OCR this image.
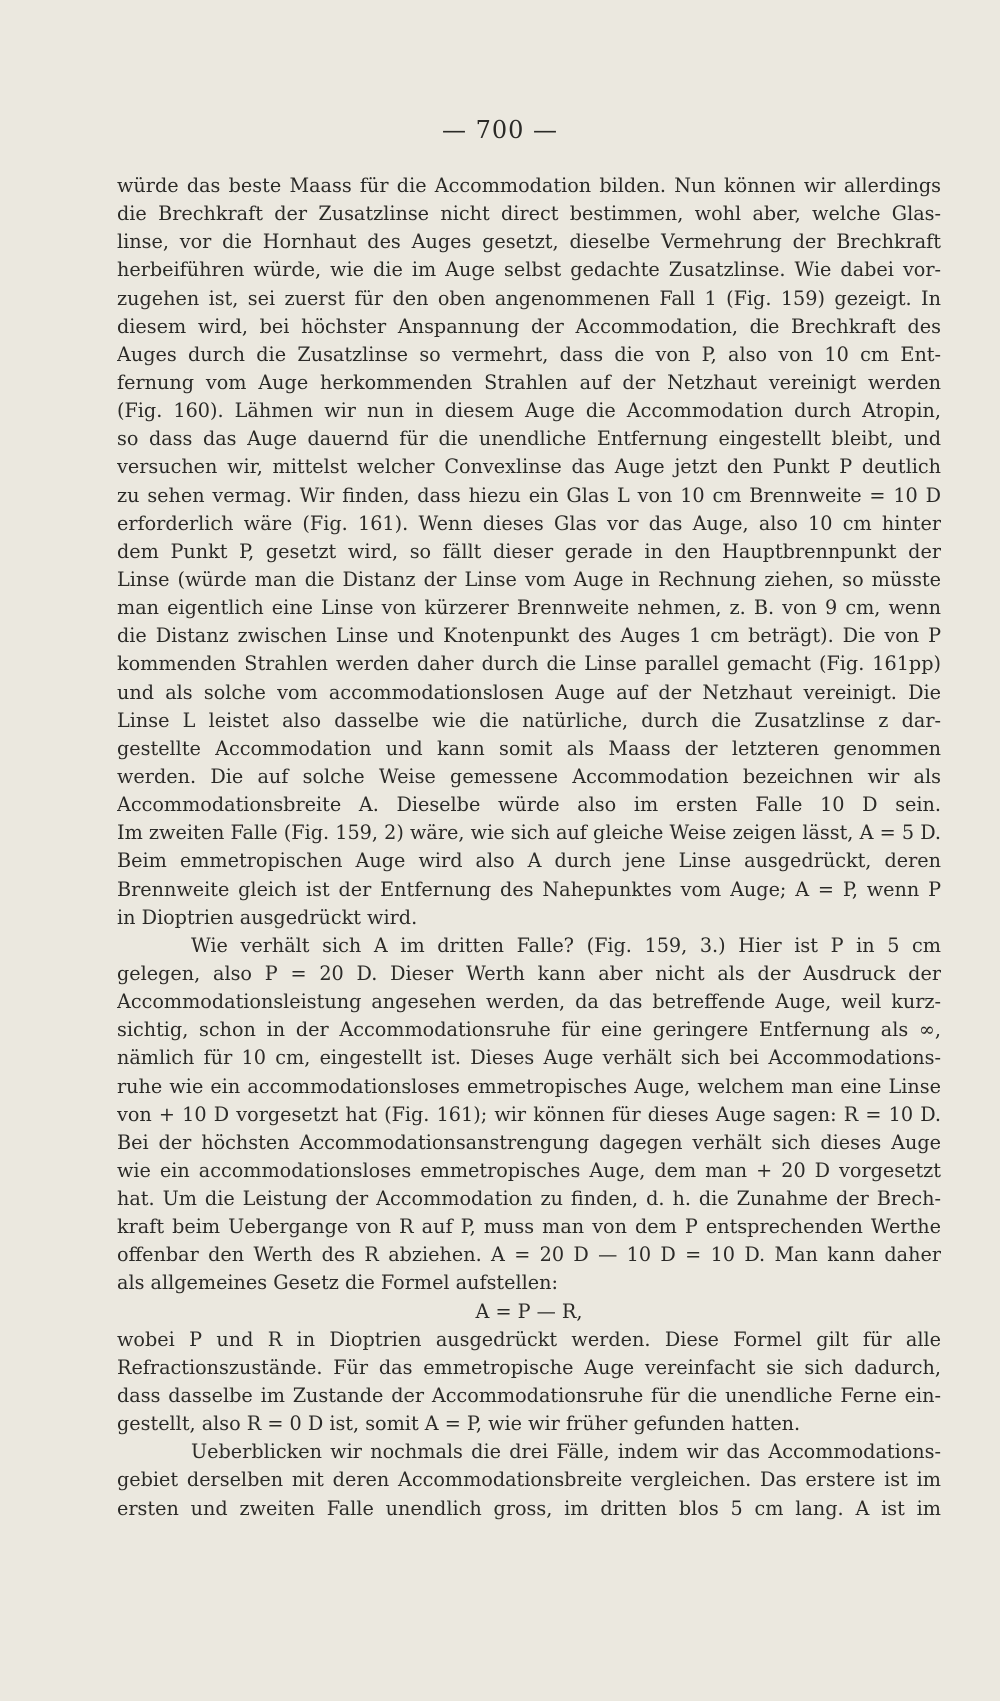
— 700 —
würde das beste Maass für die Accommodation bilden. Nun können wir allerdings
die Brechkraft der Zusatzlinse nicht direct bestimmen, wohl aber, welche Glas-
linse, vor die Hornhaut des Auges gesetzt, dieselbe Vermehrung der Brechkraft
herbeiführen würde, wie die im Auge selbst gedachte Zusatzlinse. Wie dabei vor-
zugehen ist, sei zuerst für den oben angenommenen Fall 1 (Fig. 159) gezeigt. In
diesem wird, bei höchster Anspannung der Accommodation, die Brechkraft des
Auges durch die Zusatzlinse so vermehrt, dass die von P, also von 10 cm Ent-
fernung vom Auge herkommenden Strahlen auf der Netzhaut vereinigt werden
(Fig. 160). Lähmen wir nun in diesem Auge die Accommodation durch Atropin,
so dass das Auge dauernd für die unendliche Entfernung eingestellt bleibt, und
versuchen wir, mittelst welcher Convexlinse das Auge jetzt den Punkt P deutlich
zu sehen vermag. Wir finden, dass hiezu ein Glas L von 10 cm Brennweite = 10 D
erforderlich wäre (Fig. 161). Wenn dieses Glas vor das Auge, also 10 cm hinter
dem Punkt P, gesetzt wird, so fällt dieser gerade in den Hauptbrennpunkt der
Linse (würde man die Distanz der Linse vom Auge in Rechnung ziehen, so müsste
man eigentlich eine Linse von kürzerer Brennweite nehmen, z. B. von 9 cm, wenn
die Distanz zwischen Linse und Knotenpunkt des Auges 1 cm beträgt). Die von P
kommenden Strahlen werden daher durch die Linse parallel gemacht (Fig. 161pp)
und als solche vom accommodationslosen Auge auf der Netzhaut vereinigt. Die
Linse L leistet also dasselbe wie die natürliche, durch die Zusatzlinse z dar-
gestellte Accommodation und kann somit als Maass der letzteren genommen
werden. Die auf solche Weise gemessene Accommodation bezeichnen wir als
Accommodationsbreite A. Dieselbe würde also im ersten Falle 10 D sein.
Im zweiten Falle (Fig. 159, 2) wäre, wie sich auf gleiche Weise zeigen lässt, A = 5 D.
Beim emmetropischen Auge wird also A durch jene Linse ausgedrückt, deren
Brennweite gleich ist der Entfernung des Nahepunktes vom Auge; A = P, wenn P
in Dioptrien ausgedrückt wird.
Wie verhält sich A im dritten Falle? (Fig. 159, 3.) Hier ist P in 5 cm
gelegen, also P = 20 D. Dieser Werth kann aber nicht als der Ausdruck der
Accommodationsleistung angesehen werden, da das betreffende Auge, weil kurz-
sichtig, schon in der Accommodationsruhe für eine geringere Entfernung als ∞,
nämlich für 10 cm, eingestellt ist. Dieses Auge verhält sich bei Accommodations-
ruhe wie ein accommodationsloses emmetropisches Auge, welchem man eine Linse
von + 10 D vorgesetzt hat (Fig. 161); wir können für dieses Auge sagen: R = 10 D.
Bei der höchsten Accommodationsanstrengung dagegen verhält sich dieses Auge
wie ein accommodationsloses emmetropisches Auge, dem man + 20 D vorgesetzt
hat. Um die Leistung der Accommodation zu finden, d. h. die Zunahme der Brech-
kraft beim Uebergange von R auf P, muss man von dem P entsprechenden Werthe
offenbar den Werth des R abziehen. A = 20 D — 10 D = 10 D. Man kann daher
als allgemeines Gesetz die Formel aufstellen:
A = P — R,
wobei P und R in Dioptrien ausgedrückt werden. Diese Formel gilt für alle
Refractionszustände. Für das emmetropische Auge vereinfacht sie sich dadurch,
dass dasselbe im Zustande der Accommodationsruhe für die unendliche Ferne ein-
gestellt, also R = 0 D ist, somit A = P, wie wir früher gefunden hatten.
Ueberblicken wir nochmals die drei Fälle, indem wir das Accommodations-
gebiet derselben mit deren Accommodationsbreite vergleichen. Das erstere ist im
ersten und zweiten Falle unendlich gross, im dritten blos 5 cm lang. A ist im
